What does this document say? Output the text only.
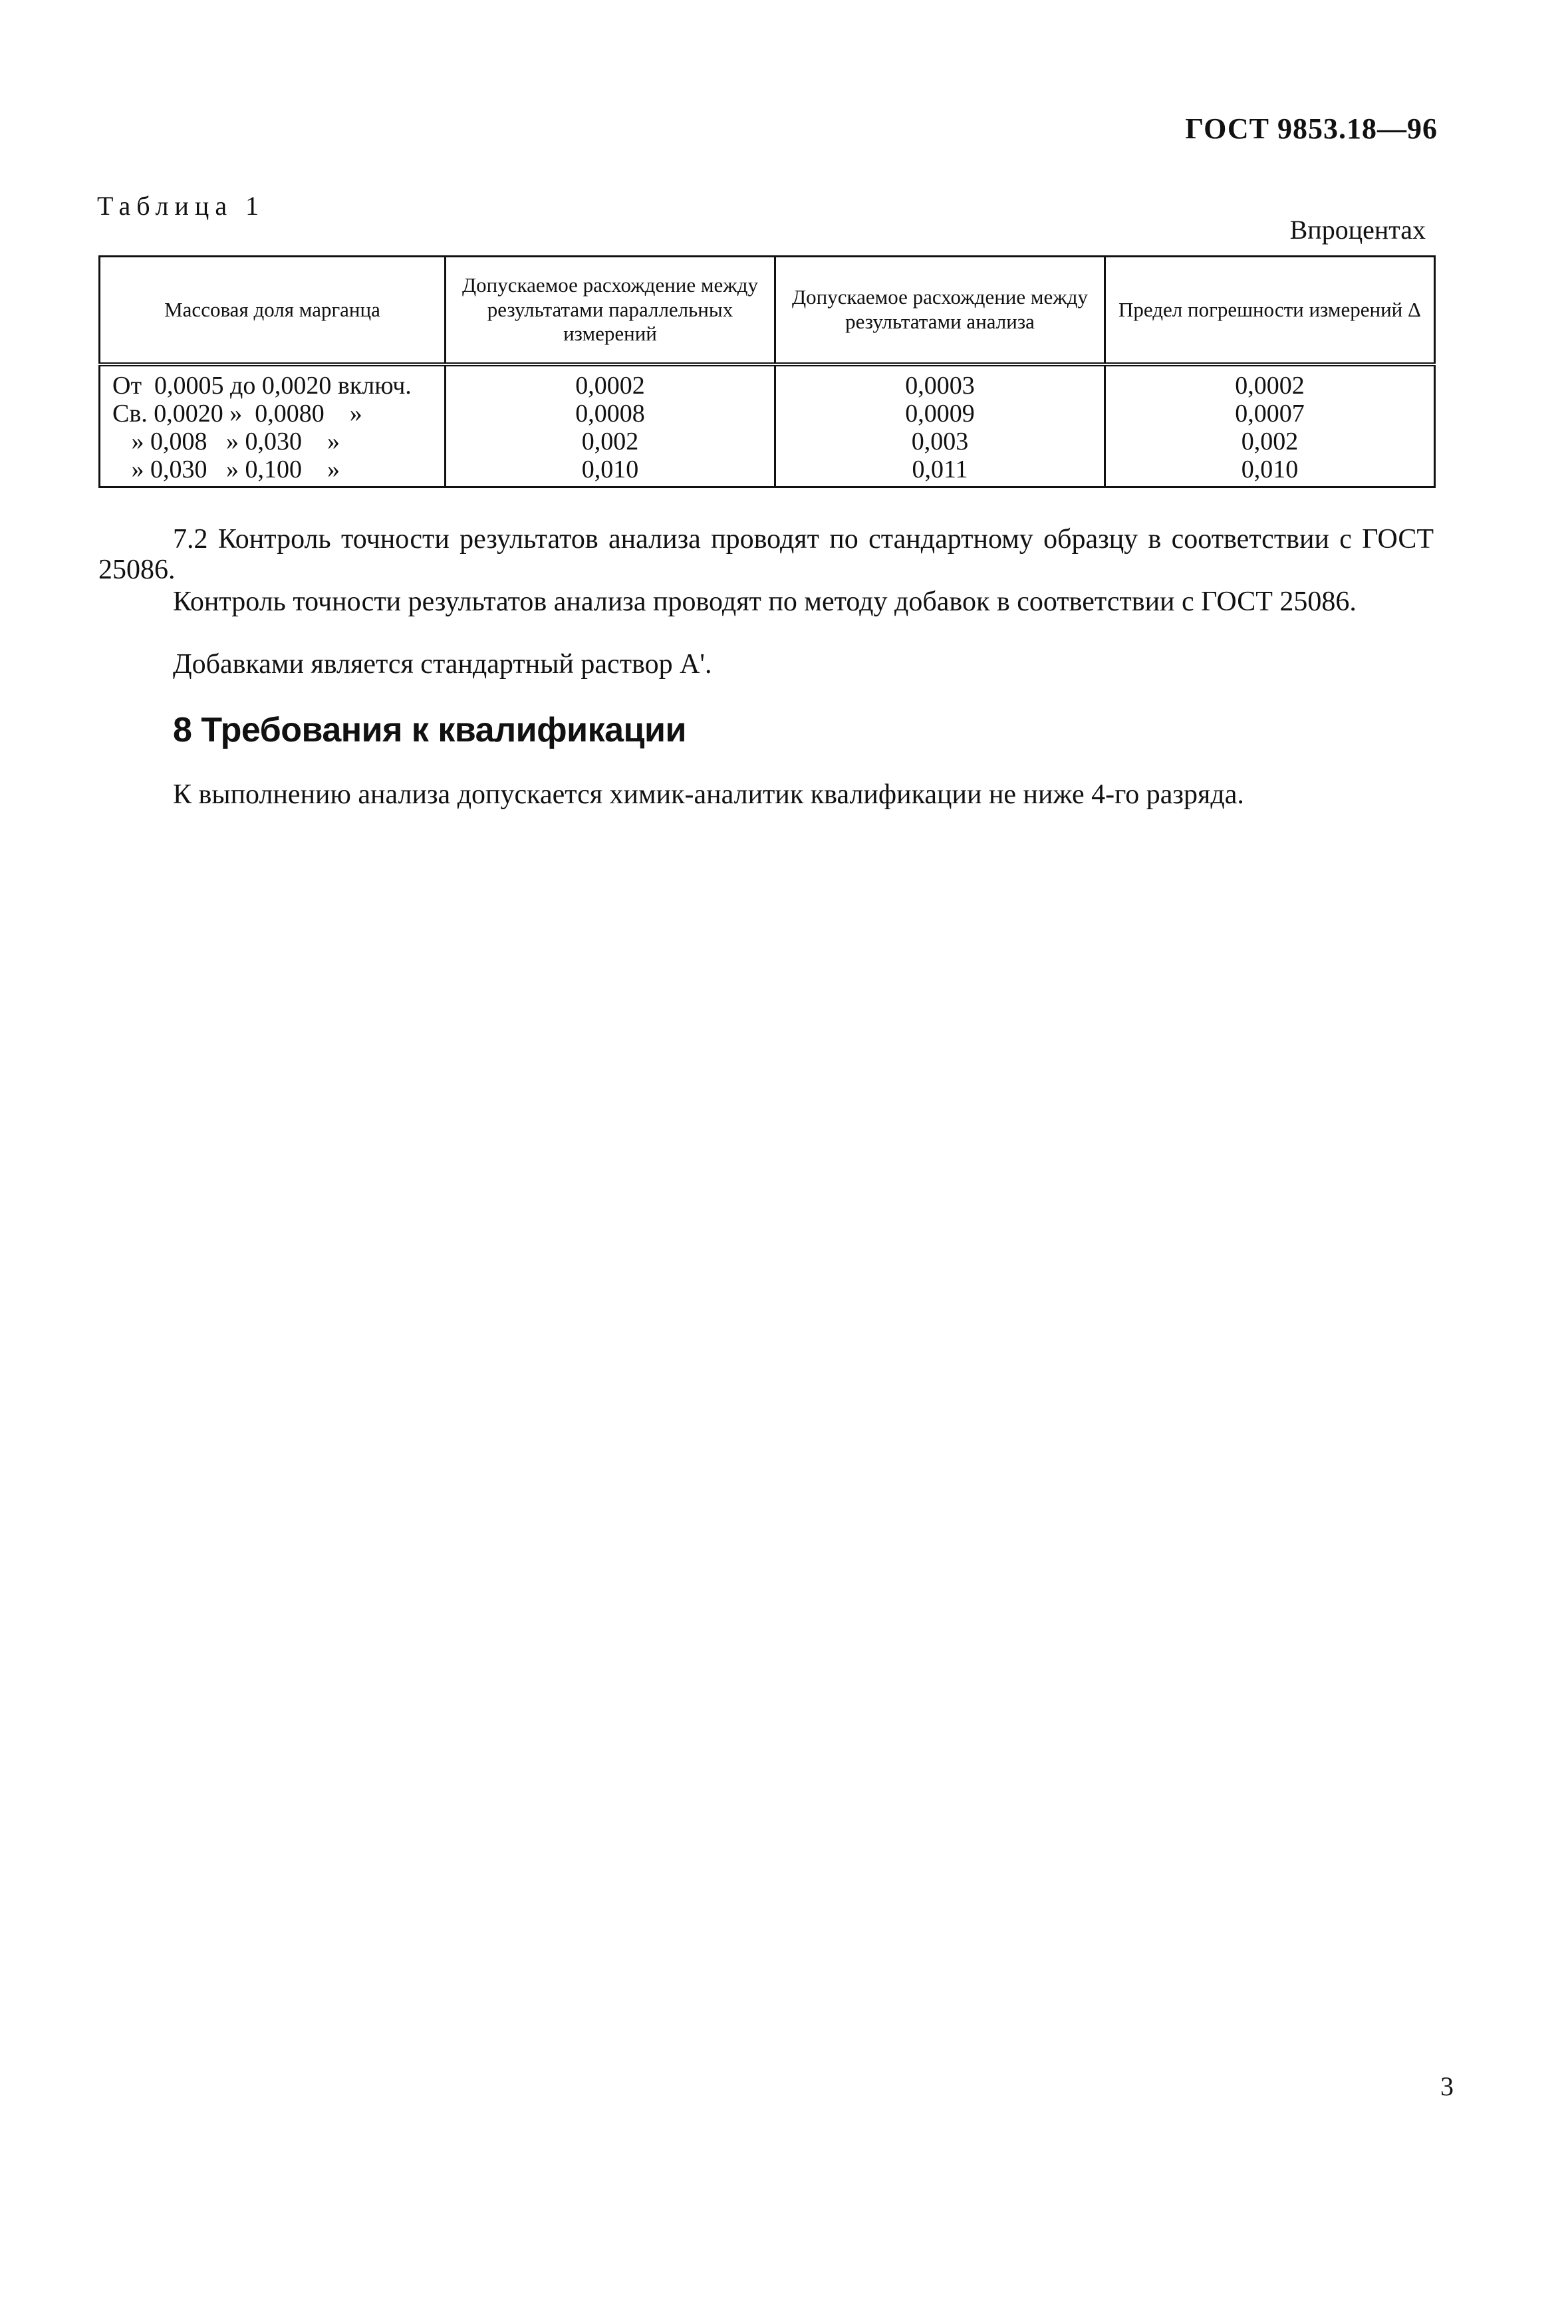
ГОСТ 9853.18—96
Таблица 1
Впроцентах
Массовая доля марганца	Допускаемое расхождение между результатами параллельных измерений	Допускаемое расхождение между результатами анализа	Предел погрешности измерений Δ
От  0,0005 до 0,0020 включ.	0,0002	0,0003	0,0002
Св. 0,0020 »  0,0080    »	0,0008	0,0009	0,0007
» 0,008   » 0,030    »	0,002	0,003	0,002
» 0,030   » 0,100    »	0,010	0,011	0,010

7.2 Контроль точности результатов анализа проводят по стандартному образцу в соответствии с ГОСТ 25086.

Контроль точности результатов анализа проводят по методу добавок в соответствии с ГОСТ 25086.

Добавками является стандартный раствор А'.

8 Требования к квалификации

К выполнению анализа допускается химик-аналитик квалификации не ниже 4-го разряда.

3
